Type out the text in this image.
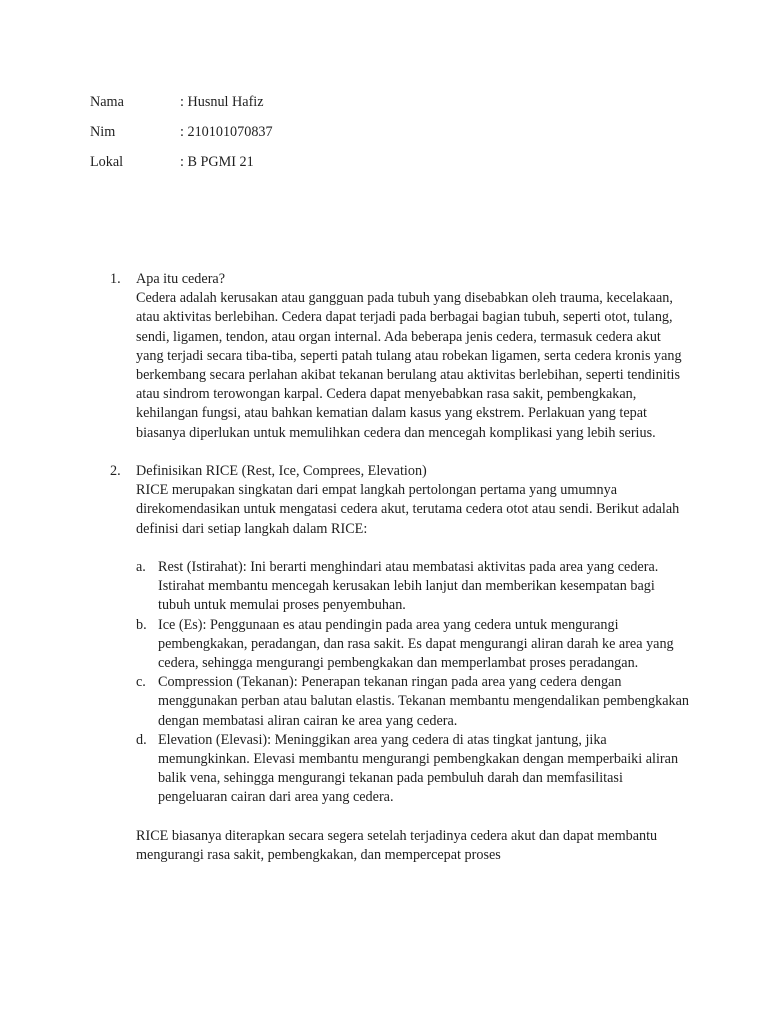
Nama	: Husnul Hafiz
Nim	: 210101070837
Lokal	: B PGMI 21
1.	Apa itu cedera?
Cedera adalah kerusakan atau gangguan pada tubuh yang disebabkan oleh trauma, kecelakaan, atau aktivitas berlebihan. Cedera dapat terjadi pada berbagai bagian tubuh, seperti otot, tulang, sendi, ligamen, tendon, atau organ internal. Ada beberapa jenis cedera, termasuk cedera akut yang terjadi secara tiba-tiba, seperti patah tulang atau robekan ligamen, serta cedera kronis yang berkembang secara perlahan akibat tekanan berulang atau aktivitas berlebihan, seperti tendinitis atau sindrom terowongan karpal. Cedera dapat menyebabkan rasa sakit, pembengkakan, kehilangan fungsi, atau bahkan kematian dalam kasus yang ekstrem. Perlakuan yang tepat biasanya diperlukan untuk memulihkan cedera dan mencegah komplikasi yang lebih serius.
2.	Definisikan RICE (Rest, Ice, Comprees, Elevation)
RICE merupakan singkatan dari empat langkah pertolongan pertama yang umumnya direkomendasikan untuk mengatasi cedera akut, terutama cedera otot atau sendi. Berikut adalah definisi dari setiap langkah dalam RICE:
a. Rest (Istirahat): Ini berarti menghindari atau membatasi aktivitas pada area yang cedera. Istirahat membantu mencegah kerusakan lebih lanjut dan memberikan kesempatan bagi tubuh untuk memulai proses penyembuhan.
b. Ice (Es): Penggunaan es atau pendingin pada area yang cedera untuk mengurangi pembengkakan, peradangan, dan rasa sakit. Es dapat mengurangi aliran darah ke area yang cedera, sehingga mengurangi pembengkakan dan memperlambat proses peradangan.
c. Compression (Tekanan): Penerapan tekanan ringan pada area yang cedera dengan menggunakan perban atau balutan elastis. Tekanan membantu mengendalikan pembengkakan dengan membatasi aliran cairan ke area yang cedera.
d. Elevation (Elevasi): Meninggikan area yang cedera di atas tingkat jantung, jika memungkinkan. Elevasi membantu mengurangi pembengkakan dengan memperbaiki aliran balik vena, sehingga mengurangi tekanan pada pembuluh darah dan memfasilitasi pengeluaran cairan dari area yang cedera.
RICE biasanya diterapkan secara segera setelah terjadinya cedera akut dan dapat membantu mengurangi rasa sakit, pembengkakan, dan mempercepat proses
